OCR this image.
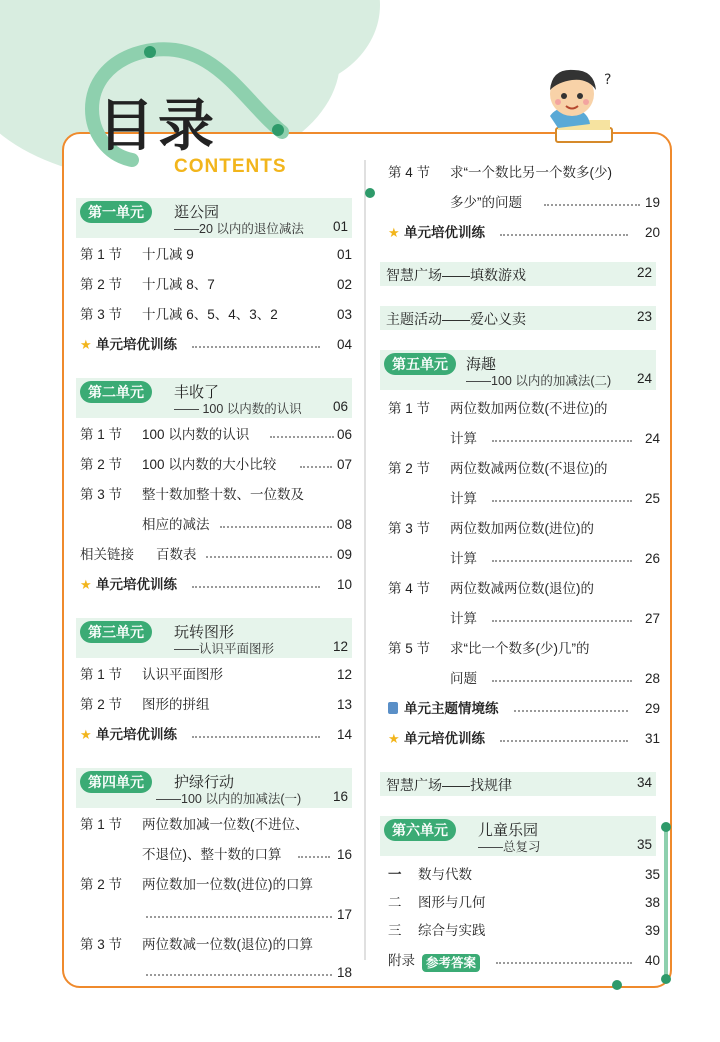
目录
CONTENTS
?
第一单元	逛公园
——20 以内的退位减法 01
第 1 节 十几减 9	01
第 2 节 十几减 8、7	02
第 3 节 十几减 6、5、4、3、2	03
★ 单元培优训练	04
第二单元	丰收了
—— 100 以内数的认识 06
第 1 节 100 以内数的认识	06
第 2 节 100 以内数的大小比较	07
第 3 节 整十数加整十数、一位数及
相应的减法	08
相关链接 百数表	09
★ 单元培优训练	10
第三单元	玩转图形
——认识平面图形	12
第 1 节 认识平面图形	12
第 2 节 图形的拼组	13
★ 单元培优训练	14
第四单元	护绿行动
——100 以内的加减法(一) 16
第 1 节 两位数加减一位数(不进位、
不退位)、整十数的口算	16
第 2 节 两位数加一位数(进位)的口算
17
第 3 节 两位数减一位数(退位)的口算
18
第 4 节 求“一个数比另一个数多(少)
多少”的问题	19
★ 单元培优训练	20
智慧广场——填数游戏	22
主题活动——爱心义卖	23
第五单元	海趣
——100 以内的加减法(二) 24
第 1 节 两位数加两位数(不进位)的
计算	24
第 2 节 两位数减两位数(不退位)的
计算	25
第 3 节 两位数加两位数(进位)的
计算	26
第 4 节 两位数减两位数(退位)的
计算	27
第 5 节 求“比一个数多(少)几”的
问题	28
单元主题情境练	29
★ 单元培优训练	31
智慧广场——找规律	34
第六单元	儿童乐园
——总复习	35
一 数与代数	35
二 图形与几何	38
三 综合与实践	39
附录 参考答案	40
